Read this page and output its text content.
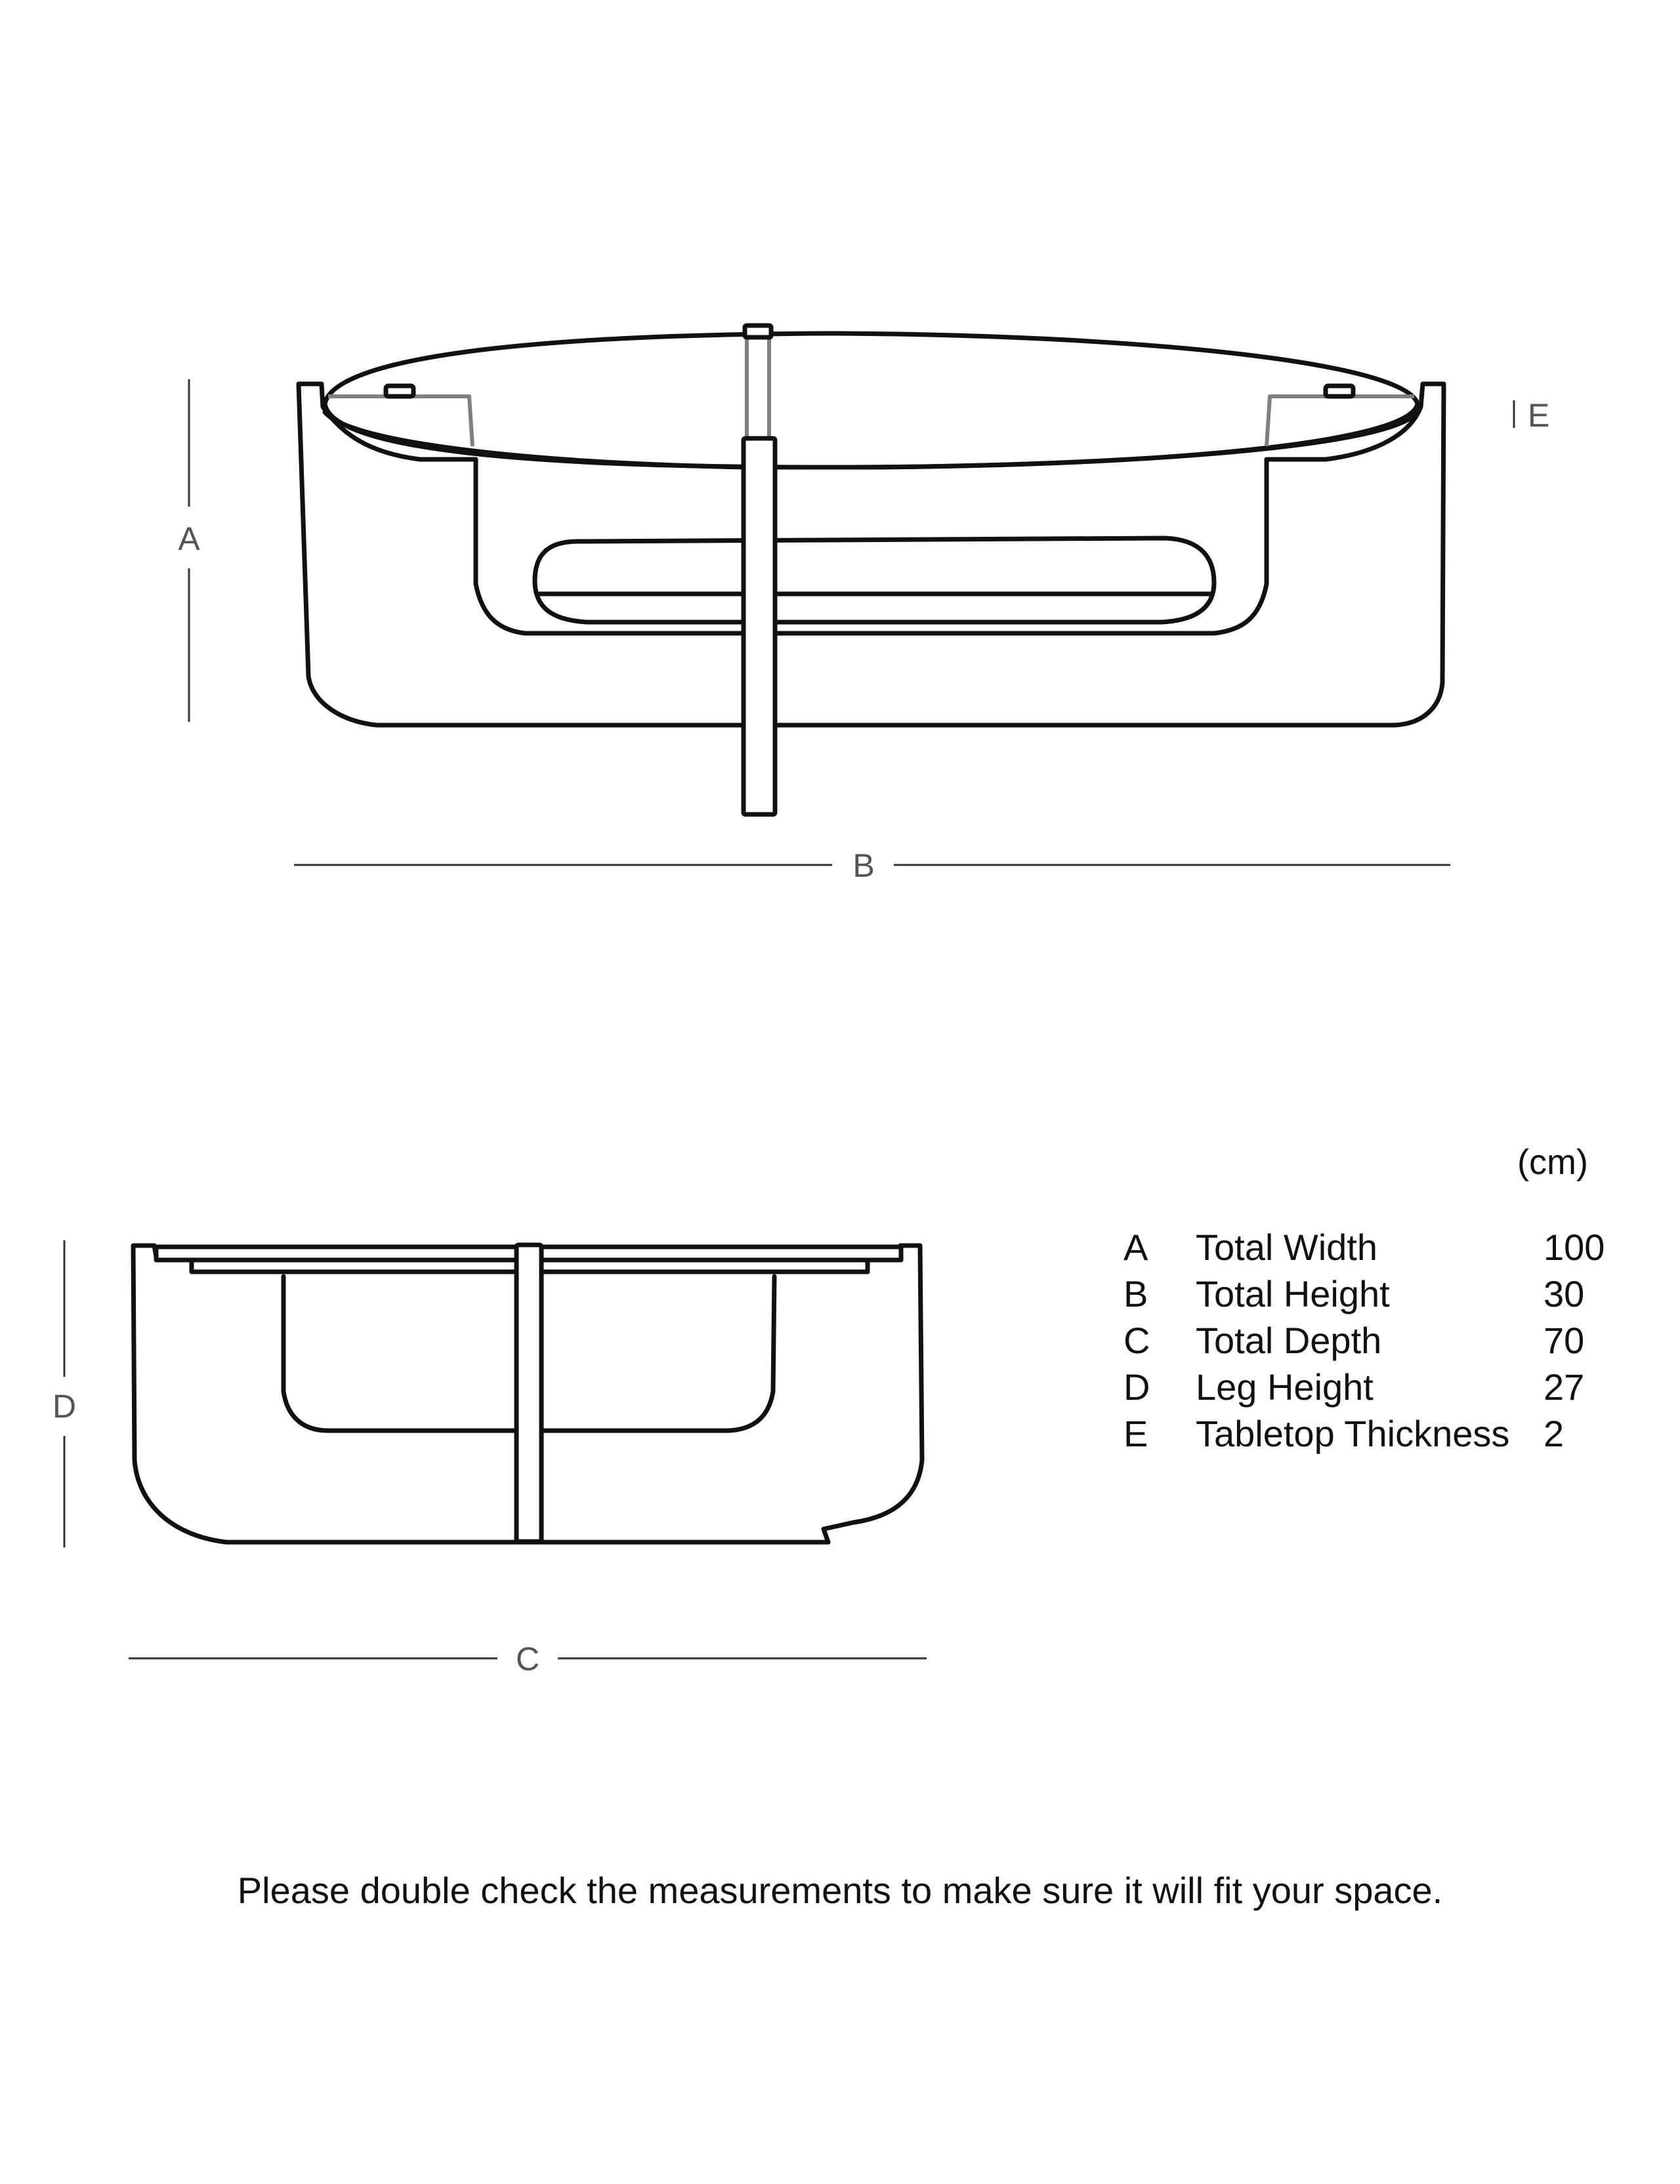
A
B
E
D
C
(cm)
A	Total Width	100
B	Total Height	30
C	Total Depth	70
D	Leg Height	27
E	Tabletop Thickness 2
Please double check the measurements to make sure it will fit your space.
